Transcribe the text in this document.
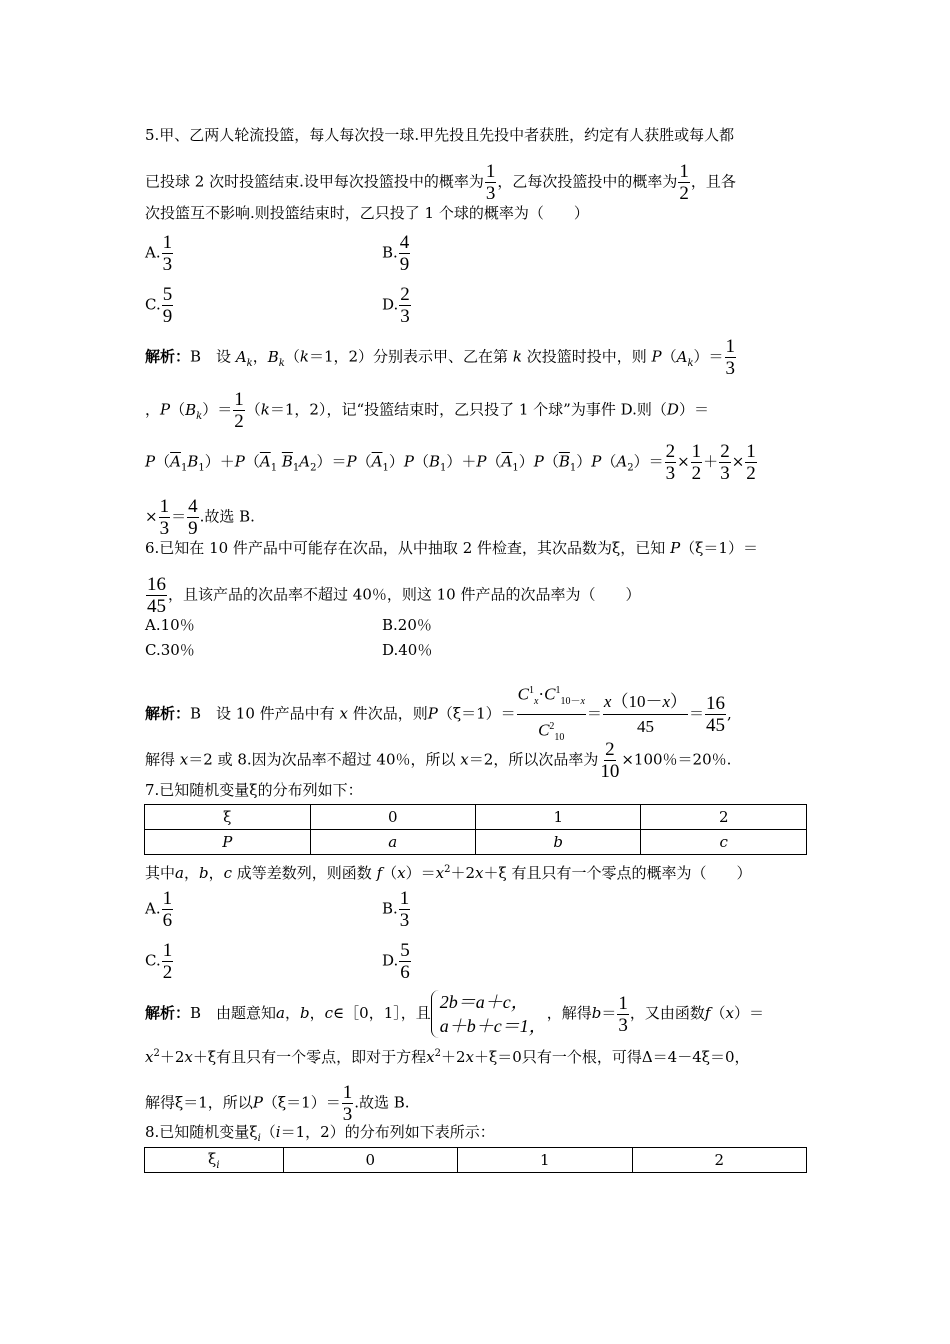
5.甲、乙两人轮流投篮，每人每次投一球.甲先投且先投中者获胜，约定有人获胜或每人都
已投球 2 次时投篮结束.设甲每次投篮投中的概率为 $\frac{1}{3}$ ，乙每次投篮投中的概率为 $\frac{1}{2}$ ，且各
次投篮互不影响.则投篮结束时，乙只投了 1 个球的概率为（　　）
A. $\frac{1}{3}$	B. $\frac{4}{9}$
C. $\frac{5}{9}$	D. $\frac{2}{3}$
解析：B　设 $A_k$，$B_k(k=1$，2）分别表示甲、乙在第 k 次投篮时投中，则 $P(A_k)= \frac{1}{3}$
，$P(B_k)= \frac{1}{2} (k=1$，2），记“投篮结束时，乙只投了 1 个球”为事件 D.则（D）＝
$P(\overline{A}_1B_1)+P(\overline{A}_1$ $\overline{B}_1A_2)=P(\overline{A}_1)P(B_1)+P(\overline{A}_1)P(\overline{B}_1)P(A_2)= \frac{2}{3} \times \frac{1}{2} + \frac{2}{3} \times \frac{1}{2}$
× $\frac{1}{3} = \frac{4}{9}$ .故选 B.
6.已知在 10 件产品中可能存在次品，从中抽取 2 件检查，其次品数为ξ，已知 P（ξ＝1）＝
$\frac{16}{45}$ ，且该产品的次品率不超过 40％，则这 10 件产品的次品率为（　　）
A.10％	B.20％
C.30％	D.40％
解析：B　设 10 件产品中有 x 件次品，则$P(\xi=1)= \frac{C^1_x\cdot C^1_{10-x}}{C^2_{10}} = \frac{x(10-x)}{45} = \frac{16}{45}$ ,
解得 x＝2 或 8.因为次品率不超过 40％，所以 x＝2，所以次品率为 $\frac{2}{10} \times 100$％＝20％.
7.已知随机变量ξ的分布列如下：
ξ	0	1	2
P	a	b	c
其中a，b，c 成等差数列，则函数 $f(x)=x^2+2x+\xi$ 有且只有一个零点的概率为（　　）
A. $\frac{1}{6}$	B. $\frac{1}{3}$
C. $\frac{1}{2}$	D. $\frac{5}{6}$
解析：B　由题意知a，b，c∈［0，1］，且2b＝a＋c，
a＋b＋c＝1，，解得$b= \frac{1}{3}$ ，又由函数f（x）＝
$x^2+2x+\xi$有且只有一个零点，即对于方程$x^2+2x+\xi=0$只有一个根，可得Δ＝4－4ξ＝0，
解得ξ＝1，所以$P(\xi=1)= \frac{1}{3}$ .故选 B.
8.已知随机变量$\xi_i(i=1$，2）的分布列如下表所示：
$\xi_i$	0	1	2
